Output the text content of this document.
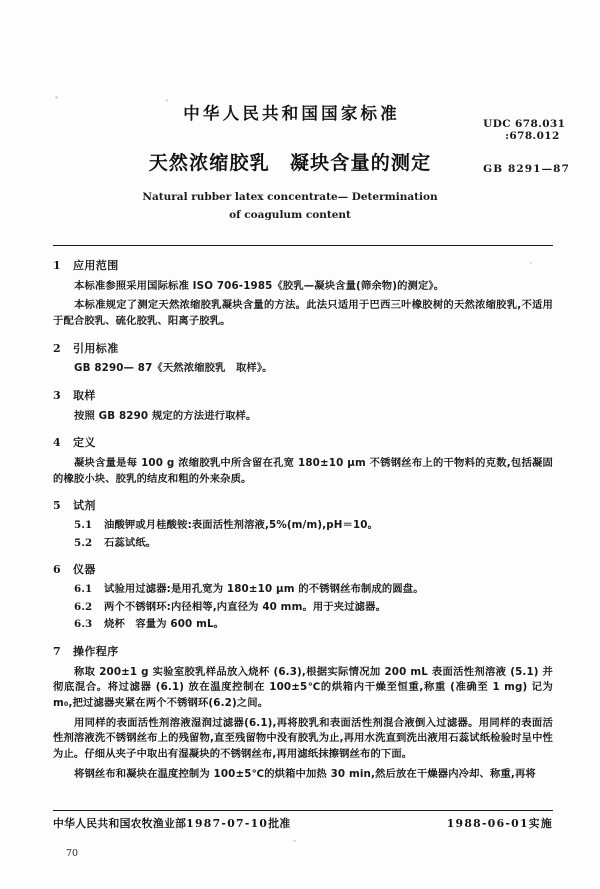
中华人民共和国国家标准
天然浓缩胶乳 凝块含量的测定
Natural rubber latex concentrate— Determination
of coagulum content
UDC 678.031
:678.012
GB 8291—87
1 应用范围

本标准参照采用国际标准 ISO 706-1985《胶乳—凝块含量(筛余物)的测定》。

本标准规定了测定天然浓缩胶乳凝块含量的方法。此法只适用于巴西三叶橡胶树的天然浓缩胶乳,不适用于配合胶乳、硫化胶乳、阳离子胶乳。

2 引用标准

GB 8290— 87《天然浓缩胶乳　取样》。

3 取样

按照 GB 8290 规定的方法进行取样。

4 定义

凝块含量是每 100 g 浓缩胶乳中所含留在孔宽 180±10 μm 不锈钢丝布上的干物料的克数,包括凝固的橡胶小块、胶乳的结皮和粗的外来杂质。

5 试剂

5.1 油酸钾或月桂酸铵:表面活性剂溶液,5%(m/m),pH＝10。

5.2 石蕊试纸。

6 仪器

6.1 试验用过滤器:是用孔宽为 180±10 μm 的不锈钢丝布制成的圆盘。

6.2 两个不锈钢环:内径相等,内直径为 40 mm。用于夹过滤器。

6.3 烧杯　容量为 600 mL。

7 操作程序

称取 200±1 g 实验室胶乳样品放入烧杯 (6.3),根据实际情况加 200 mL 表面活性剂溶液 (5.1) 并彻底混合。将过滤器 (6.1) 放在温度控制在 100±5℃的烘箱内干燥至恒重,称重 (准确至 1 mg) 记为 m₀,把过滤器夹紧在两个不锈钢环(6.2)之间。

用同样的表面活性剂溶液湿润过滤器(6.1),再将胶乳和表面活性剂混合液倒入过滤器。用同样的表面活性剂溶液洗不锈钢丝布上的残留物,直至残留物中没有胶乳为止,再用水洗直到洗出液用石蕊试纸检验时呈中性为止。仔细从夹子中取出有湿凝块的不锈钢丝布,再用滤纸抹擦钢丝布的下面。

将钢丝布和凝块在温度控制为 100±5℃的烘箱中加热 30 min,然后放在干燥器内冷却、称重,再将

中华人民共和国农牧渔业部1987-07-10批准	1988-06-01实施
70
